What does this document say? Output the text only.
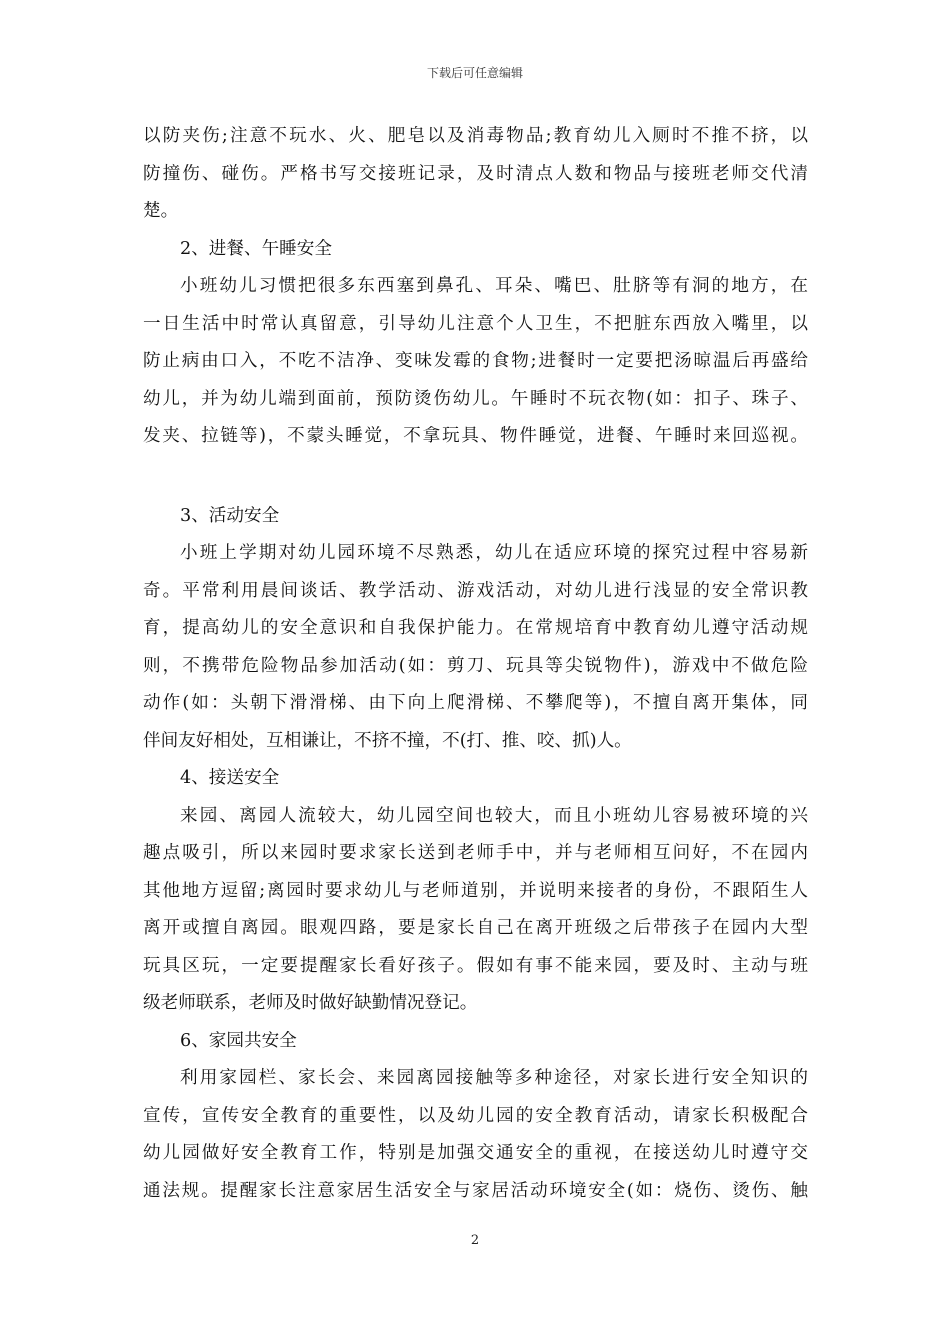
下载后可任意编辑
以防夹伤;注意不玩水、火、肥皂以及消毒物品;教育幼儿入厕时不推不挤，以
防撞伤、碰伤。严格书写交接班记录，及时清点人数和物品与接班老师交代清
楚。
2、进餐、午睡安全
小班幼儿习惯把很多东西塞到鼻孔、耳朵、嘴巴、肚脐等有洞的地方，在
一日生活中时常认真留意，引导幼儿注意个人卫生，不把脏东西放入嘴里，以
防止病由口入，不吃不洁净、变味发霉的食物;进餐时一定要把汤晾温后再盛给
幼儿，并为幼儿端到面前，预防烫伤幼儿。午睡时不玩衣物(如：扣子、珠子、
发夹、拉链等)，不蒙头睡觉，不拿玩具、物件睡觉，进餐、午睡时来回巡视。
3、活动安全
小班上学期对幼儿园环境不尽熟悉，幼儿在适应环境的探究过程中容易新
奇。平常利用晨间谈话、教学活动、游戏活动，对幼儿进行浅显的安全常识教
育，提高幼儿的安全意识和自我保护能力。在常规培育中教育幼儿遵守活动规
则，不携带危险物品参加活动(如：剪刀、玩具等尖锐物件)，游戏中不做危险
动作(如：头朝下滑滑梯、由下向上爬滑梯、不攀爬等)，不擅自离开集体，同
伴间友好相处，互相谦让，不挤不撞，不(打、推、咬、抓)人。
4、接送安全
来园、离园人流较大，幼儿园空间也较大，而且小班幼儿容易被环境的兴
趣点吸引，所以来园时要求家长送到老师手中，并与老师相互问好，不在园内
其他地方逗留;离园时要求幼儿与老师道别，并说明来接者的身份，不跟陌生人
离开或擅自离园。眼观四路，要是家长自己在离开班级之后带孩子在园内大型
玩具区玩，一定要提醒家长看好孩子。假如有事不能来园，要及时、主动与班
级老师联系，老师及时做好缺勤情况登记。
6、家园共安全
利用家园栏、家长会、来园离园接触等多种途径，对家长进行安全知识的
宣传，宣传安全教育的重要性，以及幼儿园的安全教育活动，请家长积极配合
幼儿园做好安全教育工作，特别是加强交通安全的重视，在接送幼儿时遵守交
通法规。提醒家长注意家居生活安全与家居活动环境安全(如：烧伤、烫伤、触
2
